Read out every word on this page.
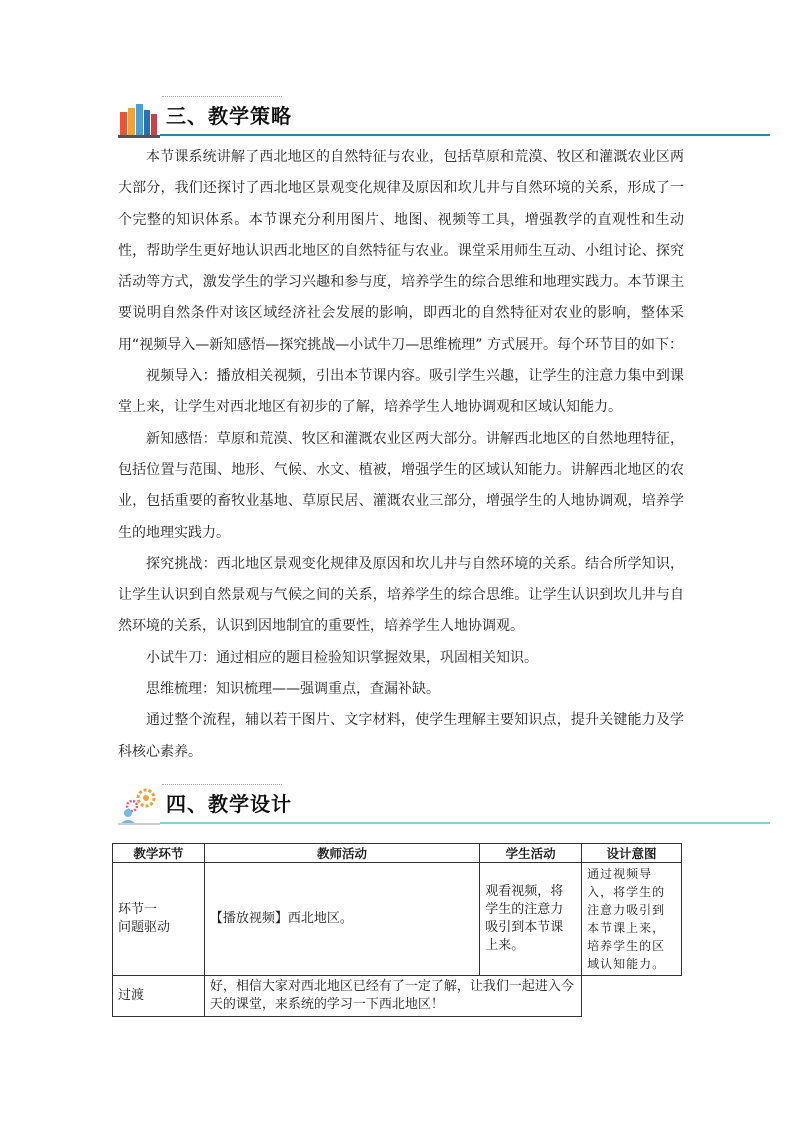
三、教学策略

本节课系统讲解了西北地区的自然特征与农业，包括草原和荒漠、牧区和灌溉农业区两大部分，我们还探讨了西北地区景观变化规律及原因和坎儿井与自然环境的关系，形成了一个完整的知识体系。本节课充分利用图片、地图、视频等工具，增强教学的直观性和生动性，帮助学生更好地认识西北地区的自然特征与农业。课堂采用师生互动、小组讨论、探究活动等方式，激发学生的学习兴趣和参与度，培养学生的综合思维和地理实践力。本节课主要说明自然条件对该区域经济社会发展的影响，即西北的自然特征对农业的影响，整体采用“视频导入—新知感悟—探究挑战—小试牛刀—思维梳理” 方式展开。每个环节目的如下：

视频导入：播放相关视频，引出本节课内容。吸引学生兴趣，让学生的注意力集中到课堂上来，让学生对西北地区有初步的了解，培养学生人地协调观和区域认知能力。

新知感悟：草原和荒漠、牧区和灌溉农业区两大部分。讲解西北地区的自然地理特征，包括位置与范围、地形、气候、水文、植被，增强学生的区域认知能力。讲解西北地区的农业，包括重要的畜牧业基地、草原民居、灌溉农业三部分，增强学生的人地协调观，培养学生的地理实践力。

探究挑战：西北地区景观变化规律及原因和坎儿井与自然环境的关系。结合所学知识，让学生认识到自然景观与气候之间的关系，培养学生的综合思维。让学生认识到坎儿井与自然环境的关系，认识到因地制宜的重要性，培养学生人地协调观。

小试牛刀：通过相应的题目检验知识掌握效果，巩固相关知识。

思维梳理：知识梳理——强调重点，查漏补缺。

通过整个流程，辅以若干图片、文字材料，使学生理解主要知识点，提升关键能力及学科核心素养。

四、教学设计
教学环节	教师活动	学生活动	设计意图
环节一
问题驱动	【播放视频】西北地区。	观看视频，将学生的注意力吸引到本节课上来。	通过视频导入，将学生的注意力吸引到本节课上来，培养学生的区域认知能力。
过渡	好，相信大家对西北地区已经有了一定了解，让我们一起进入今天的课堂，来系统的学习一下西北地区！		
